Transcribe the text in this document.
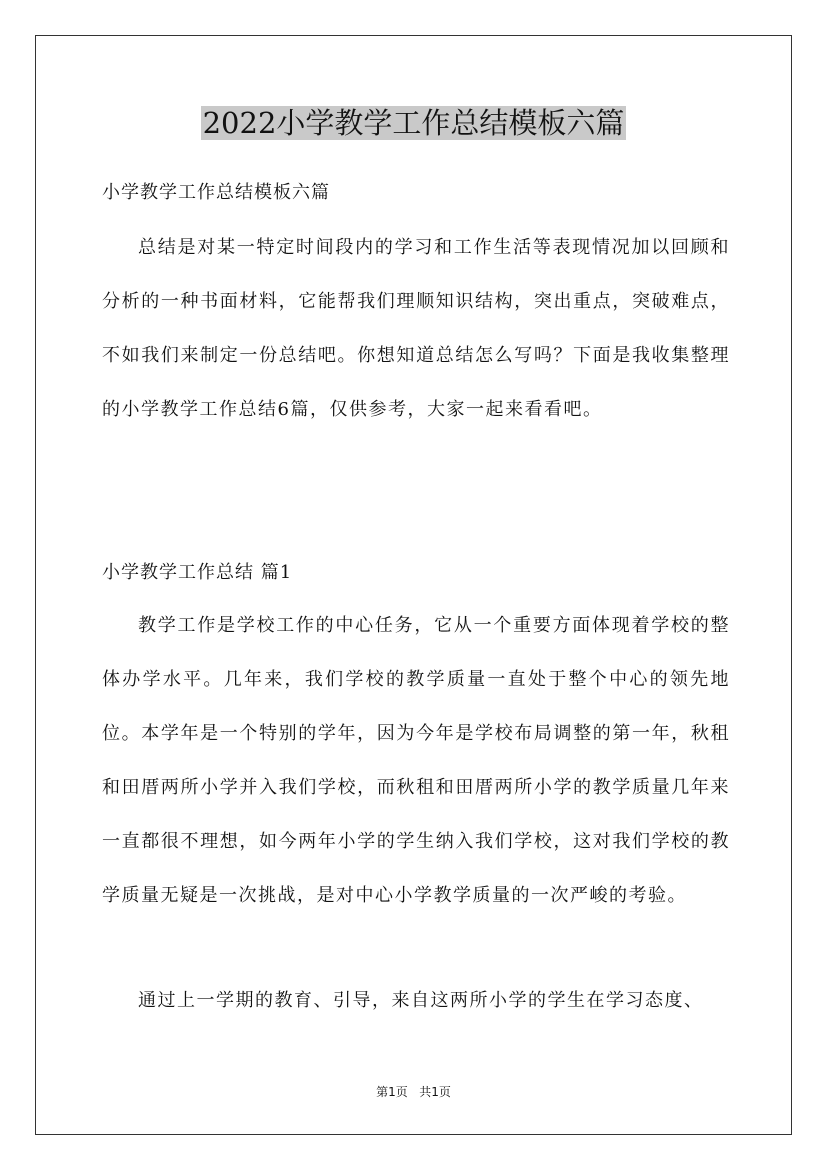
2022小学教学工作总结模板六篇

小学教学工作总结模板六篇

总结是对某一特定时间段内的学习和工作生活等表现情况加以回顾和分析的一种书面材料，它能帮我们理顺知识结构，突出重点，突破难点，不如我们来制定一份总结吧。你想知道总结怎么写吗？下面是我收集整理的小学教学工作总结6篇，仅供参考，大家一起来看看吧。

小学教学工作总结 篇1

教学工作是学校工作的中心任务，它从一个重要方面体现着学校的整体办学水平。几年来，我们学校的教学质量一直处于整个中心的领先地位。本学年是一个特别的学年，因为今年是学校布局调整的第一年，秋租和田厝两所小学并入我们学校，而秋租和田厝两所小学的教学质量几年来一直都很不理想，如今两年小学的学生纳入我们学校，这对我们学校的教学质量无疑是一次挑战，是对中心小学教学质量的一次严峻的考验。

通过上一学期的教育、引导，来自这两所小学的学生在学习态度、

第1页 共1页
